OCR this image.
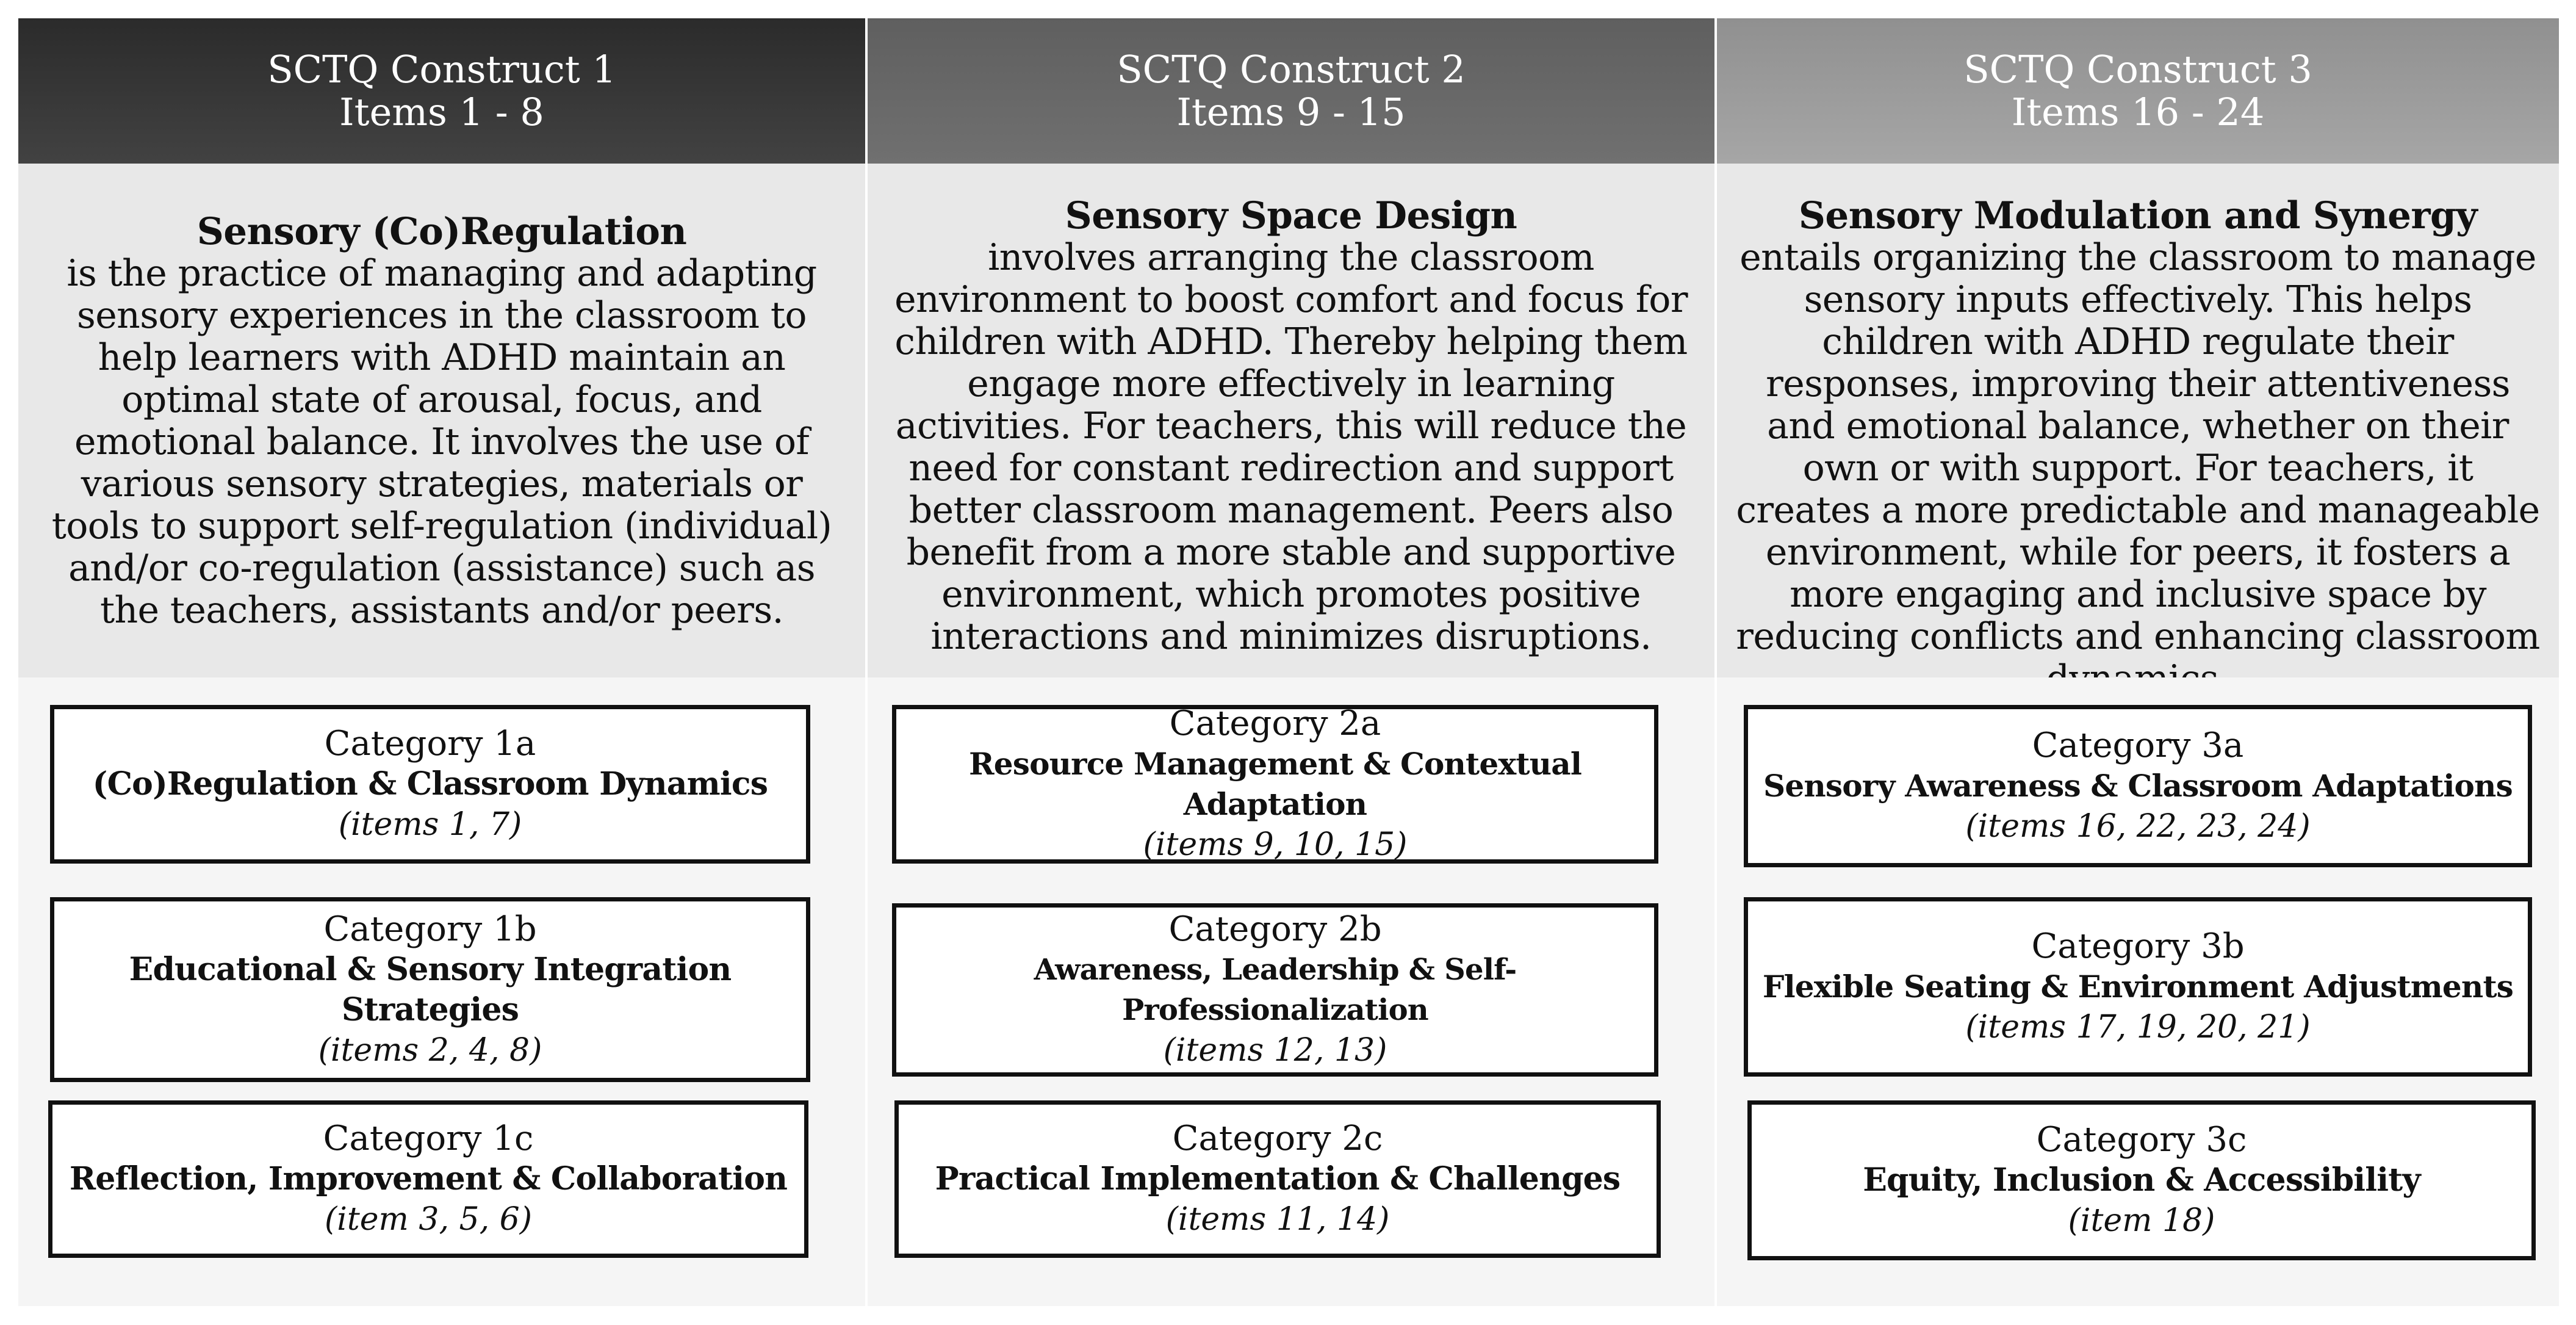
SCTQ Construct 1
Items 1 - 8
Sensory (Co)Regulation
is the practice of managing and adapting sensory experiences in the classroom to help learners with ADHD maintain an optimal state of arousal, focus, and emotional balance. It involves the use of various sensory strategies, materials or tools to support self-regulation (individual) and/or co-regulation (assistance) such as the teachers, assistants and/or peers.
Category 1a
(Co)Regulation & Classroom Dynamics
(items 1, 7)
Category 1b
Educational & Sensory Integration Strategies
(items 2, 4, 8)
Category 1c
Reflection, Improvement & Collaboration
(item 3, 5, 6)
SCTQ Construct 2
Items 9 - 15
Sensory Space Design
involves arranging the classroom environment to boost comfort and focus for children with ADHD. Thereby helping them engage more effectively in learning activities. For teachers, this will reduce the need for constant redirection and support better classroom management. Peers also benefit from a more stable and supportive environment, which promotes positive interactions and minimizes disruptions.
Category 2a
Resource Management & Contextual Adaptation
(items 9, 10, 15)
Category 2b
Awareness, Leadership & Self-Professionalization
(items 12, 13)
Category 2c
Practical Implementation & Challenges
(items 11, 14)
SCTQ Construct 3
Items 16 - 24
Sensory Modulation and Synergy
entails organizing the classroom to manage sensory inputs effectively. This helps children with ADHD regulate their responses, improving their attentiveness and emotional balance, whether on their own or with support. For teachers, it creates a more predictable and manageable environment, while for peers, it fosters a more engaging and inclusive space by reducing conflicts and enhancing classroom
Category 3a
Sensory Awareness & Classroom Adaptations
(items 16, 22, 23, 24)
Category 3b
Flexible Seating & Environment Adjustments
(items 17, 19, 20, 21)
Category 3c
Equity, Inclusion & Accessibility
(item 18)
